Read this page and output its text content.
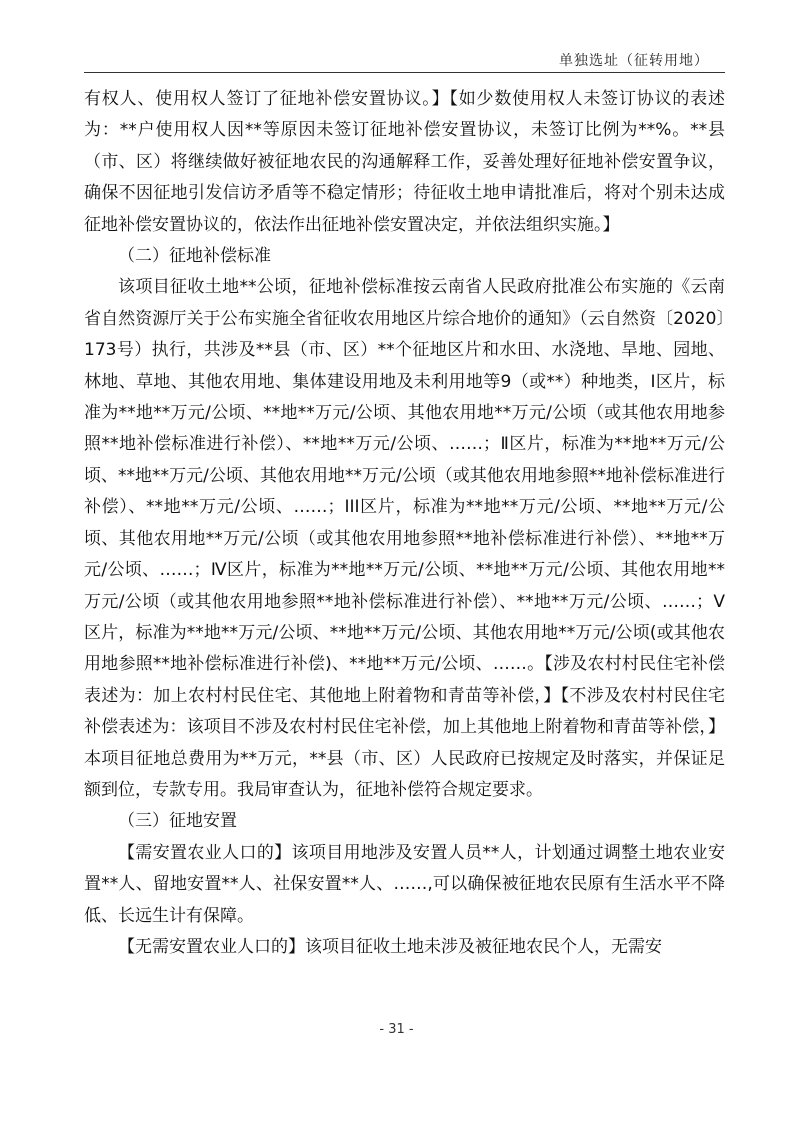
单独选址（征转用地）

有权人、使用权人签订了征地补偿安置协议。】【如少数使用权人未签订协议的表述为：**户使用权人因**等原因未签订征地补偿安置协议，未签订比例为**%。**县（市、区）将继续做好被征地农民的沟通解释工作，妥善处理好征地补偿安置争议，确保不因征地引发信访矛盾等不稳定情形；待征收土地申请批准后，将对个别未达成征地补偿安置协议的，依法作出征地补偿安置决定，并依法组织实施。】

（二）征地补偿标准

该项目征收土地**公顷，征地补偿标准按云南省人民政府批准公布实施的《云南省自然资源厅关于公布实施全省征收农用地区片综合地价的通知》（云自然资〔2020〕173号）执行，共涉及**县（市、区）**个征地区片和水田、水浇地、旱地、园地、林地、草地、其他农用地、集体建设用地及未利用地等9（或**）种地类，Ⅰ区片，标准为**地**万元/公顷、**地**万元/公顷、其他农用地**万元/公顷（或其他农用地参照**地补偿标准进行补偿）、**地**万元/公顷、……；Ⅱ区片，标准为**地**万元/公顷、**地**万元/公顷、其他农用地**万元/公顷（或其他农用地参照**地补偿标准进行补偿）、**地**万元/公顷、……；III区片，标准为**地**万元/公顷、**地**万元/公顷、其他农用地**万元/公顷（或其他农用地参照**地补偿标准进行补偿）、**地**万元/公顷、……；Ⅳ区片，标准为**地**万元/公顷、**地**万元/公顷、其他农用地**万元/公顷（或其他农用地参照**地补偿标准进行补偿）、**地**万元/公顷、……；Ⅴ区片，标准为**地**万元/公顷、**地**万元/公顷、其他农用地**万元/公顷(或其他农用地参照**地补偿标准进行补偿)、**地**万元/公顷、……。【涉及农村村民住宅补偿表述为：加上农村村民住宅、其他地上附着物和青苗等补偿，】【不涉及农村村民住宅补偿表述为：该项目不涉及农村村民住宅补偿，加上其他地上附着物和青苗等补偿，】本项目征地总费用为**万元，**县（市、区）人民政府已按规定及时落实，并保证足额到位，专款专用。我局审查认为，征地补偿符合规定要求。

（三）征地安置

【需安置农业人口的】该项目用地涉及安置人员**人，计划通过调整土地农业安置**人、留地安置**人、社保安置**人、……,可以确保被征地农民原有生活水平不降低、长远生计有保障。

【无需安置农业人口的】该项目征收土地未涉及被征地农民个人，无需安

- 31 -
